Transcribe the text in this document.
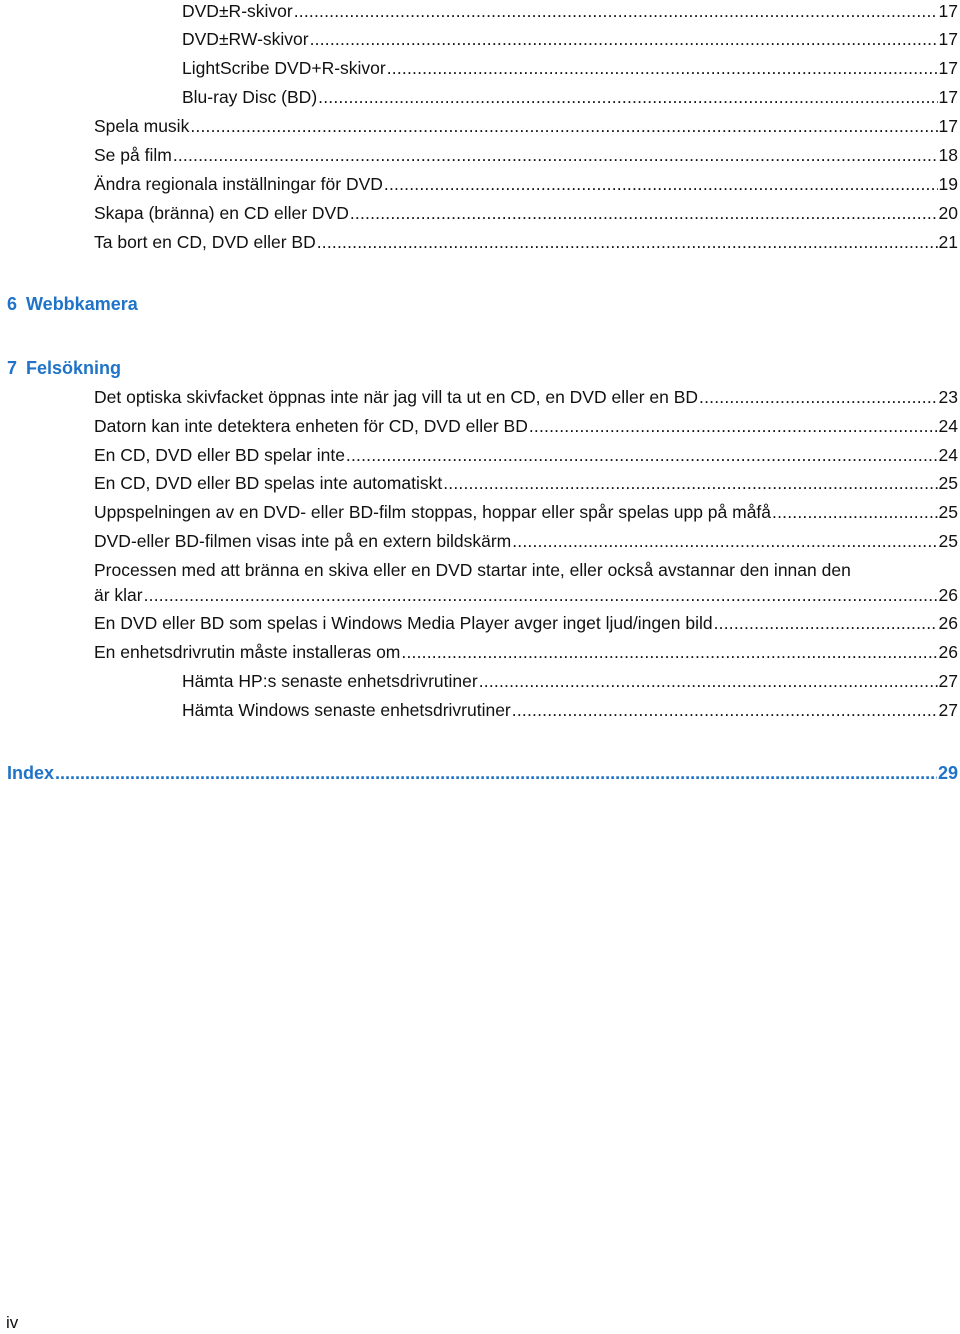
DVD±R-skivor .....	17
DVD±RW-skivor .....	17
LightScribe DVD+R-skivor .....	17
Blu-ray Disc (BD) .....	17
Spela musik .....	17
Se på film .....	18
Ändra regionala inställningar för DVD .....	19
Skapa (bränna) en CD eller DVD .....	20
Ta bort en CD, DVD eller BD .....	21
6 Webbkamera
7 Felsökning
Det optiska skivfacket öppnas inte när jag vill ta ut en CD, en DVD eller en BD .....	23
Datorn kan inte detektera enheten för CD, DVD eller BD .....	24
En CD, DVD eller BD spelar inte .....	24
En CD, DVD eller BD spelas inte automatiskt .....	25
Uppspelningen av en DVD- eller BD-film stoppas, hoppar eller spår spelas upp på måfå .....	25
DVD-eller BD-filmen visas inte på en extern bildskärm .....	25
Processen med att bränna en skiva eller en DVD startar inte, eller också avstannar den innan den
är klar .....	26
En DVD eller BD som spelas i Windows Media Player avger inget ljud/ingen bild .....	26
En enhetsdrivrutin måste installeras om .....	26
Hämta HP:s senaste enhetsdrivrutiner .....	27
Hämta Windows senaste enhetsdrivrutiner .....	27
Index .....	29
iv
